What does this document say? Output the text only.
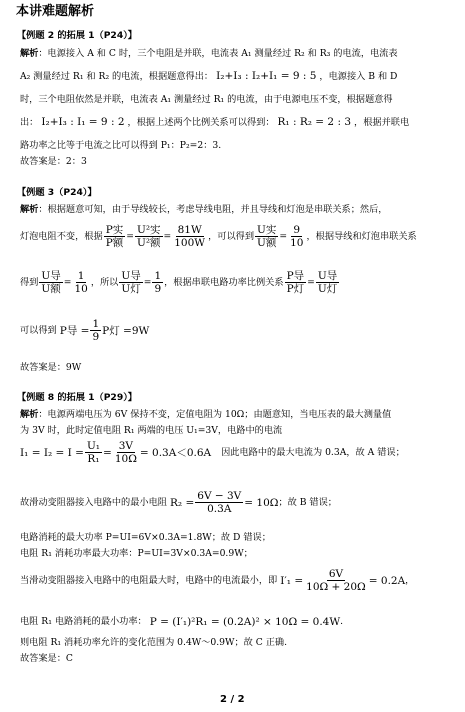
本讲难题解析
【例题 2 的拓展 1（P24）】
解析：电源接入 A 和 C 时，三个电阻是并联，电流表 A₁ 测量经过 R₂ 和 R₃ 的电流，电流表
A₂ 测量经过 R₁ 和 R₂ 的电流，根据题意得出： I₂+I₃ : I₂+I₁ = 9 : 5 ，电源接入 B 和 D
时，三个电阻依然是并联，电流表 A₁ 测量经过 R₁ 的电流，由于电源电压不变，根据题意得
出： I₂+I₃ : I₁ = 9 : 2 ，根据上述两个比例关系可以得到： R₁ : R₂ = 2 : 3 ，根据并联电
路功率之比等于电流之比可以得到 P₁：P₂=2：3.
故答案是：2：3
【例题 3（P24）】
解析：根据题意可知，由于导线较长，考虑导线电阻，并且导线和灯泡是串联关系；然后，
灯泡电阻不变，根据 $\frac{\text{P实}}{\text{P额}} = \frac{\text{U²实}}{\text{U²额}} = \frac{81W}{100W}$ ，可以得到 $\frac{\text{U实}}{\text{U额}} = \frac{9}{10}$ ，根据导线和灯泡串联关系
得到 $\frac{\text{U导}}{\text{U额}} = \frac{1}{10}$ ，所以 $\frac{\text{U导}}{\text{U灯}} = \frac{1}{9}$ ，根据串联电路功率比例关系 $\frac{\text{P导}}{\text{P灯}} = \frac{\text{U导}}{\text{U灯}}$
可以得到 P导 = $\frac{1}{9}$ P灯 =9W
故答案是：9W
【例题 8 的拓展 1（P29）】
解析：电源两端电压为 6V 保持不变，定值电阻为 10Ω；由题意知，当电压表的最大测量值
为 3V 时，此时定值电阻 R₁ 两端的电压 U₁=3V，电路中的电流
$I_1 = I_2 = I = \frac{\text{U₁}}{\text{R₁}} = \frac{3V}{10\Omega} = 0.3A<0.6A$ 因此电路中的最大电流为 0.3A，故 A 错误；
故滑动变阻器接入电路中的最小电阻 $R_2 = \frac{6V - 3V}{0.3A} = 10\Omega$ ；故 B 错误；
电路消耗的最大功率 P=UI=6V×0.3A=1.8W；故 D 错误；
电阻 R₁ 消耗功率最大功率：P=UI=3V×0.3A=0.9W；
当滑动变阻器接入电路中的电阻最大时，电路中的电流最小，即 $I'_1 = \frac{6V}{10\Omega + 20\Omega} = 0.2A$ ，
电阻 R₁ 电路消耗的最小功率： P = (I′₁)²R₁ = (0.2A)² × 10Ω = 0.4W .
则电阻 R₁ 消耗功率允许的变化范围为 0.4W～0.9W；故 C 正确.
故答案是：C
2 / 2
